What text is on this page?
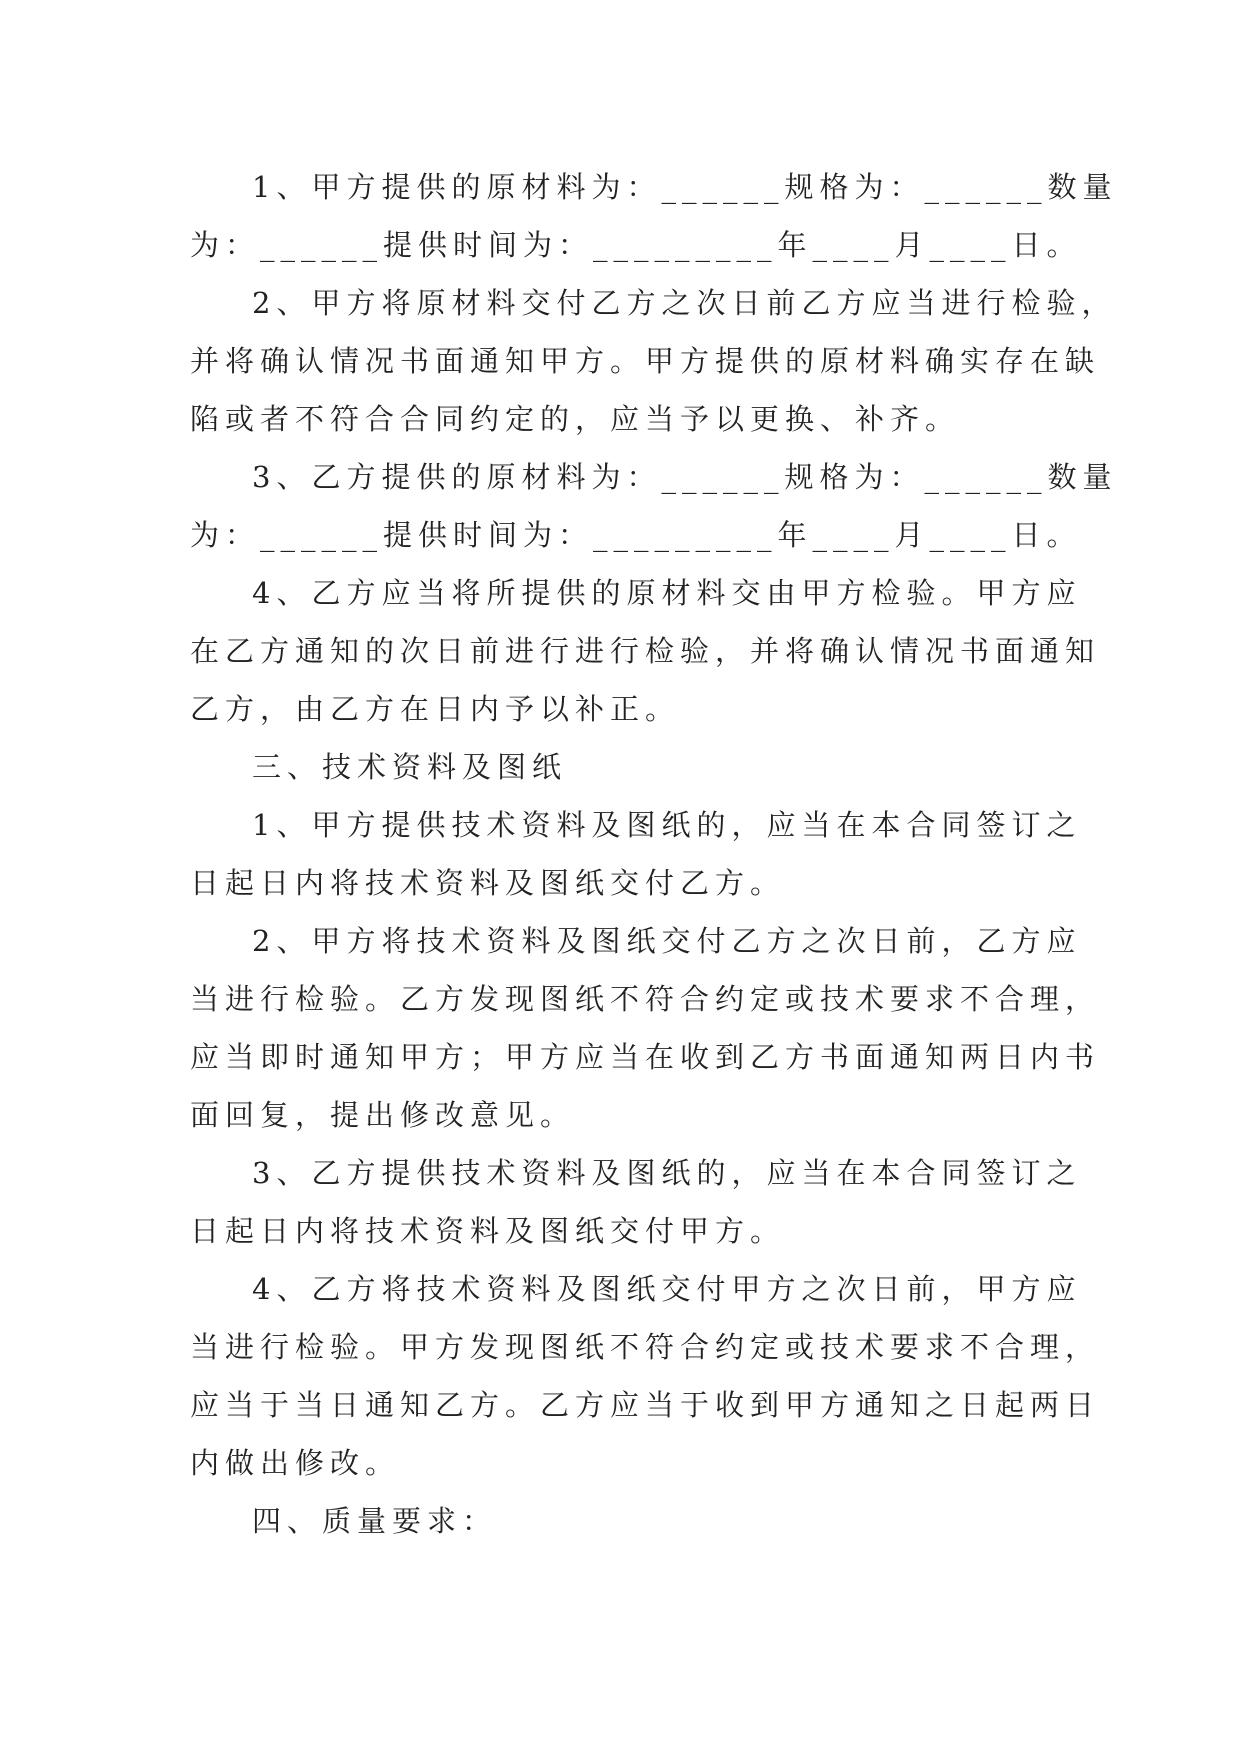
1、甲方提供的原材料为：______规格为：______数量

为：______提供时间为：_________年____月____日。

2、甲方将原材料交付乙方之次日前乙方应当进行检验，

并将确认情况书面通知甲方。甲方提供的原材料确实存在缺

陷或者不符合合同约定的，应当予以更换、补齐。

3、乙方提供的原材料为：______规格为：______数量

为：______提供时间为：_________年____月____日。

4、乙方应当将所提供的原材料交由甲方检验。甲方应

在乙方通知的次日前进行进行检验，并将确认情况书面通知

乙方，由乙方在日内予以补正。

三、技术资料及图纸

1、甲方提供技术资料及图纸的，应当在本合同签订之

日起日内将技术资料及图纸交付乙方。

2、甲方将技术资料及图纸交付乙方之次日前，乙方应

当进行检验。乙方发现图纸不符合约定或技术要求不合理，

应当即时通知甲方；甲方应当在收到乙方书面通知两日内书

面回复，提出修改意见。

3、乙方提供技术资料及图纸的，应当在本合同签订之

日起日内将技术资料及图纸交付甲方。

4、乙方将技术资料及图纸交付甲方之次日前，甲方应

当进行检验。甲方发现图纸不符合约定或技术要求不合理，

应当于当日通知乙方。乙方应当于收到甲方通知之日起两日

内做出修改。

四、质量要求：
